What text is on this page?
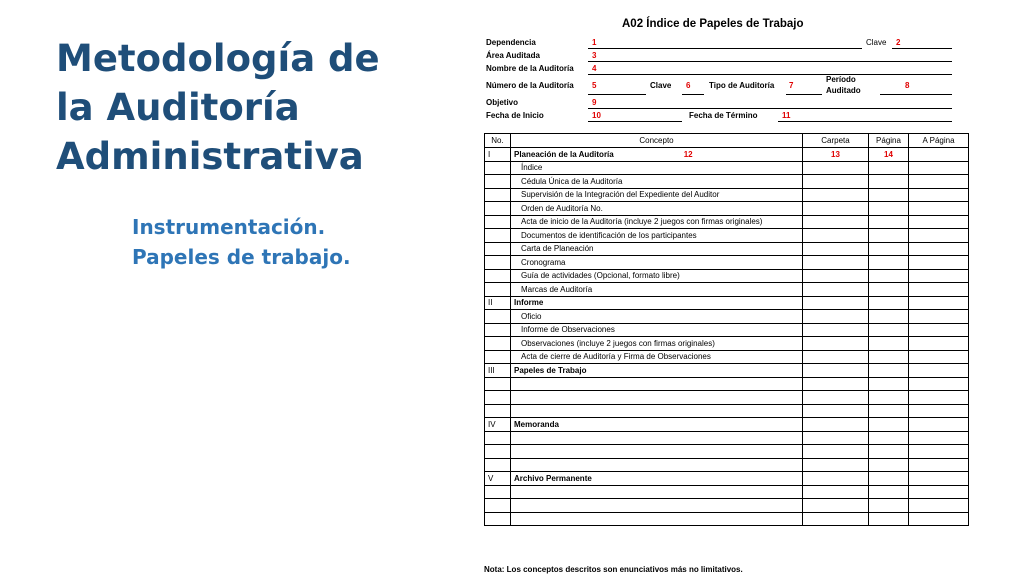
Metodología de
la Auditoría
Administrativa
Instrumentación.
Papeles de trabajo.
A02 Índice de Papeles de Trabajo
Dependencia	1	Clave 2
Área Auditada	3
Nombre de la Auditoría 4
Número de la Auditoría 5	Clave 6 Tipo de Auditoría 7
Período
Auditado
8
Objetivo	9
Fecha de Inicio	10	Fecha de Término	11
No.	Concepto	Carpeta	Página	A Página
I	Planeación de la Auditoría 12	13	14	
	Índice			
	Cédula Única de la Auditoría			
	Supervisión de la Integración del Expediente del Auditor			
	Orden de Auditoría No.			
	Acta de inicio de la Auditoría (incluye 2 juegos con firmas originales)			
	Documentos de identificación de los participantes			
	Carta de Planeación			
	Cronograma			
	Guía de actividades (Opcional, formato libre)			
	Marcas de Auditoría			
II	Informe			
	Oficio			
	Informe de Observaciones			
	Observaciones (incluye 2 juegos con firmas originales)			
	Acta de cierre de Auditoría y Firma de Observaciones			
III	Papeles de Trabajo			

IV	Memoranda			

V	Archivo Permanente			

Nota: Los conceptos descritos son enunciativos más no limitativos.
